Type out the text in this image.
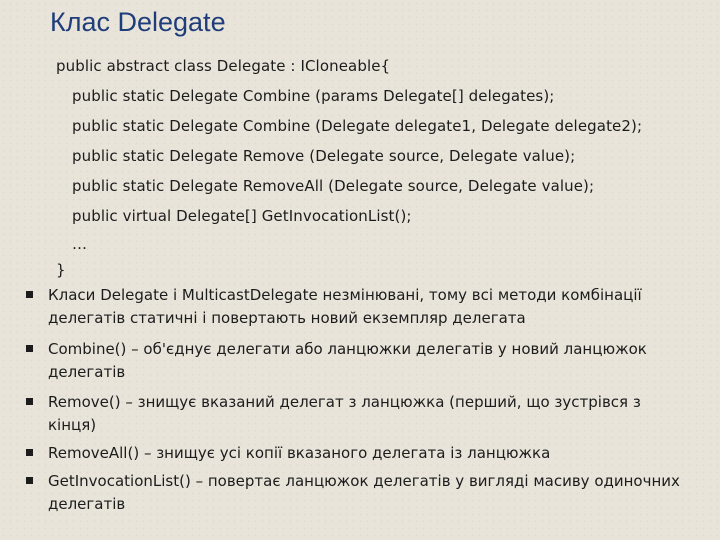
Клас Delegate
public abstract class Delegate : ICloneable{
public static Delegate Combine (params Delegate[] delegates);
public static Delegate Combine (Delegate delegate1, Delegate delegate2);
public static Delegate Remove (Delegate source, Delegate value);
public static Delegate RemoveAll (Delegate source, Delegate value);
public virtual Delegate[] GetInvocationList();
…
}
Класи Delegate і MulticastDelegate незмінювані, тому всі методи комбінації делегатів статичні і повертають новий екземпляр делегата
Combine() – об'єднує делегати або ланцюжки делегатів у новий ланцюжок делегатів
Remove() – знищує вказаний делегат з ланцюжка (перший, що зустрівся з кінця)
RemoveAll() – знищує усі копії вказаного делегата із ланцюжка
GetInvocationList() – повертає ланцюжок делегатів у вигляді масиву одиночних делегатів
